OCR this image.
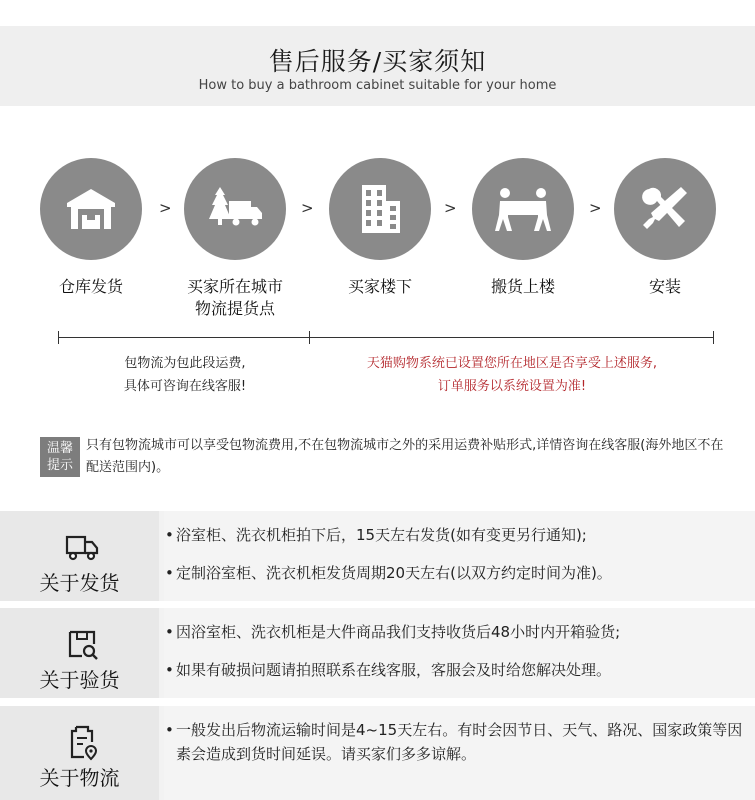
售后服务/买家须知
How to buy a bathroom cabinet suitable for your home
仓库发货
>
买家所在城市
物流提货点
>
买家楼下
>
搬货上楼
>
安装
包物流为包此段运费,
具体可咨询在线客服!
天猫购物系统已设置您所在地区是否享受上述服务,
订单服务以系统设置为准!
温馨
提示
只有包物流城市可以享受包物流费用,不在包物流城市之外的采用运费补贴形式,详情咨询在线客服(海外地区不在配送范围内)。
关于发货
• 浴室柜、洗衣机柜拍下后，15天左右发货(如有变更另行通知);
• 定制浴室柜、洗衣机柜发货周期20天左右(以双方约定时间为准)。
关于验货
• 因浴室柜、洗衣机柜是大件商品我们支持收货后48小时内开箱验货;
• 如果有破损问题请拍照联系在线客服，客服会及时给您解决处理。
关于物流
• 一般发出后物流运输时间是4~15天左右。有时会因节日、天气、路况、国家政策等因素会造成到货时间延误。请买家们多多谅解。
